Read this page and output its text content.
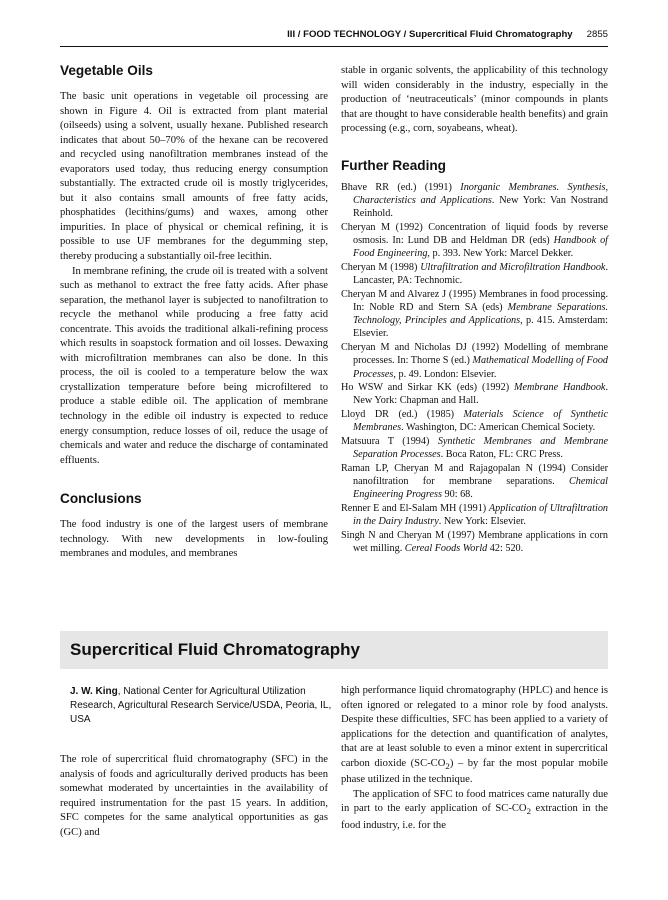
III / FOOD TECHNOLOGY / Supercritical Fluid Chromatography 2855
Vegetable Oils

The basic unit operations in vegetable oil processing are shown in Figure 4. Oil is extracted from plant material (oilseeds) using a solvent, usually hexane. Published research indicates that about 50–70% of the hexane can be recovered and recycled using nanofiltration membranes instead of the evaporators used today, thus reducing energy consumption substantially. The extracted crude oil is mostly triglycerides, but it also contains small amounts of free fatty acids, phosphatides (lecithins/gums) and waxes, among other impurities. In place of physical or chemical refining, it is possible to use UF membranes for the degumming step, thereby producing a substantially oil-free lecithin.

In membrane refining, the crude oil is treated with a solvent such as methanol to extract the free fatty acids. After phase separation, the methanol layer is subjected to nanofiltration to recycle the methanol while producing a free fatty acid concentrate. This avoids the traditional alkali-refining process which results in soapstock formation and oil losses. Dewaxing with microfiltration membranes can also be done. In this process, the oil is cooled to a temperature below the wax crystallization temperature before being microfiltered to produce a stable edible oil. The application of membrane technology in the edible oil industry is expected to reduce energy consumption, reduce losses of oil, reduce the usage of chemicals and water and reduce the discharge of contaminated effluents.

Conclusions

The food industry is one of the largest users of membrane technology. With new developments in low-fouling membranes and modules, and membranes

stable in organic solvents, the applicability of this technology will widen considerably in the industry, especially in the production of ‘neutraceuticals’ (minor compounds in plants that are thought to have considerable health benefits) and grain processing (e.g., corn, soyabeans, wheat).

Further Reading
Bhave RR (ed.) (1991) Inorganic Membranes. Synthesis, Characteristics and Applications. New York: Van Nostrand Reinhold.
Cheryan M (1992) Concentration of liquid foods by reverse osmosis. In: Lund DB and Heldman DR (eds) Handbook of Food Engineering, p. 393. New York: Marcel Dekker.
Cheryan M (1998) Ultrafiltration and Microfiltration Handbook. Lancaster, PA: Technomic.
Cheryan M and Alvarez J (1995) Membranes in food processing. In: Noble RD and Stern SA (eds) Membrane Separations. Technology, Principles and Applications, p. 415. Amsterdam: Elsevier.
Cheryan M and Nicholas DJ (1992) Modelling of membrane processes. In: Thorne S (ed.) Mathematical Modelling of Food Processes, p. 49. London: Elsevier.
Ho WSW and Sirkar KK (eds) (1992) Membrane Handbook. New York: Chapman and Hall.
Lloyd DR (ed.) (1985) Materials Science of Synthetic Membranes. Washington, DC: American Chemical Society.
Matsuura T (1994) Synthetic Membranes and Membrane Separation Processes. Boca Raton, FL: CRC Press.
Raman LP, Cheryan M and Rajagopalan N (1994) Consider nanofiltration for membrane separations. Chemical Engineering Progress 90: 68.
Renner E and El-Salam MH (1991) Application of Ultrafiltration in the Dairy Industry. New York: Elsevier.
Singh N and Cheryan M (1997) Membrane applications in corn wet milling. Cereal Foods World 42: 520.
Supercritical Fluid Chromatography
J. W. King, National Center for Agricultural Utilization Research, Agricultural Research Service/USDA, Peoria, IL, USA

The role of supercritical fluid chromatography (SFC) in the analysis of foods and agriculturally derived products has been somewhat moderated by uncertainties in the availability of required instrumentation for the past 15 years. In addition, SFC competes for the same analytical opportunities as gas (GC) and

high performance liquid chromatography (HPLC) and hence is often ignored or relegated to a minor role by food analysts. Despite these difficulties, SFC has been applied to a variety of applications for the detection and quantification of analytes, that are at least soluble to even a minor extent in supercritical carbon dioxide $(SC-CO_2)$ – by far the most popular mobile phase utilized in the technique.

The application of SFC to food matrices came naturally due in part to the early application of $SC-CO_2$ extraction in the food industry, i.e. for the
